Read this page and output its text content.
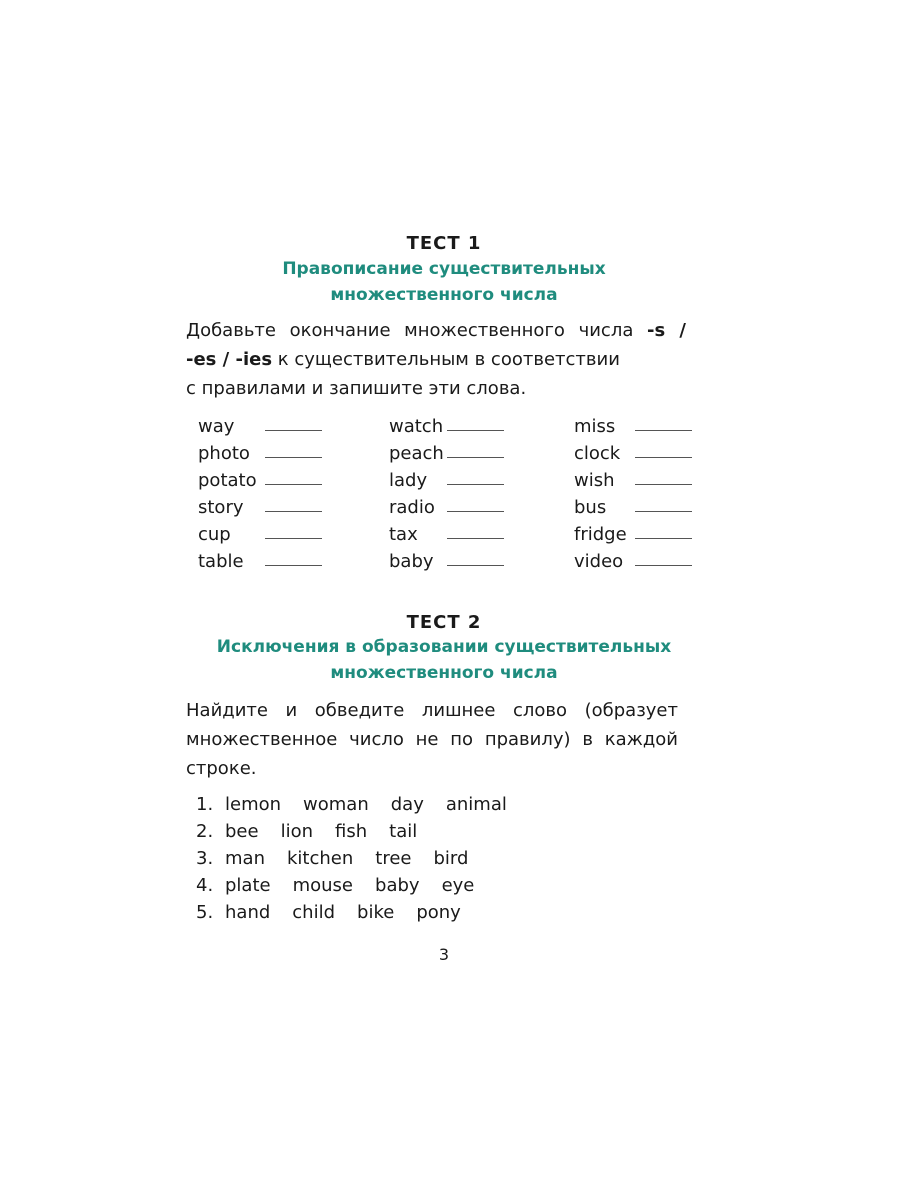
ТЕСТ 1
Правописание существительных
множественного числа
Добавьте окончание множественного числа -s /
-es / -ies к существительным в соответствии
с правилами и запишите эти слова.
way
photo
potato
story
cup
table
watch
peach
lady
radio
tax
baby
miss
clock
wish
bus
fridge
video
ТЕСТ 2
Исключения в образовании существительных
множественного числа
Найдите и обведите лишнее слово (образует
множественное число не по правилу) в каждой
строке.
1. lemon woman day animal
2. bee lion fish tail
3. man kitchen tree bird
4. plate mouse baby eye
5. hand child bike pony
3
